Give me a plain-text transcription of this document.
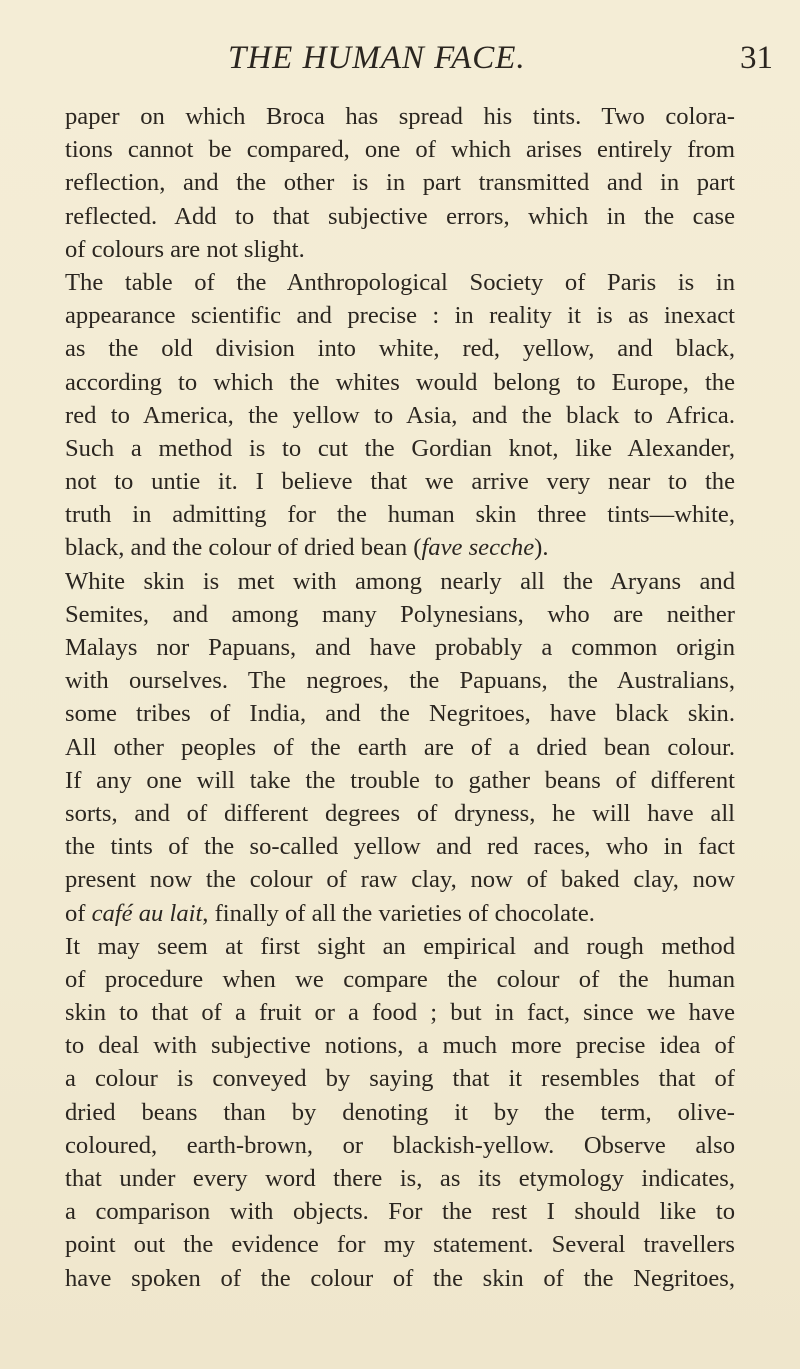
THE HUMAN FACE.	31
paper on which Broca has spread his tints. Two colora-
tions cannot be compared, one of which arises entirely from
reflection, and the other is in part transmitted and in part
reflected. Add to that subjective errors, which in the case
of colours are not slight.
The table of the Anthropological Society of Paris is in
appearance scientific and precise : in reality it is as inexact
as the old division into white, red, yellow, and black,
according to which the whites would belong to Europe, the
red to America, the yellow to Asia, and the black to Africa.
Such a method is to cut the Gordian knot, like Alexander,
not to untie it. I believe that we arrive very near to the
truth in admitting for the human skin three tints—white,
black, and the colour of dried bean (fave secche).
White skin is met with among nearly all the Aryans and
Semites, and among many Polynesians, who are neither
Malays nor Papuans, and have probably a common origin
with ourselves. The negroes, the Papuans, the Australians,
some tribes of India, and the Negritoes, have black skin.
All other peoples of the earth are of a dried bean colour.
If any one will take the trouble to gather beans of different
sorts, and of different degrees of dryness, he will have all
the tints of the so-called yellow and red races, who in fact
present now the colour of raw clay, now of baked clay, now
of café au lait, finally of all the varieties of chocolate.
It may seem at first sight an empirical and rough method
of procedure when we compare the colour of the human
skin to that of a fruit or a food ; but in fact, since we have
to deal with subjective notions, a much more precise idea of
a colour is conveyed by saying that it resembles that of
dried beans than by denoting it by the term, olive-
coloured, earth-brown, or blackish-yellow. Observe also
that under every word there is, as its etymology indicates,
a comparison with objects. For the rest I should like to
point out the evidence for my statement. Several travellers
have spoken of the colour of the skin of the Negritoes,
